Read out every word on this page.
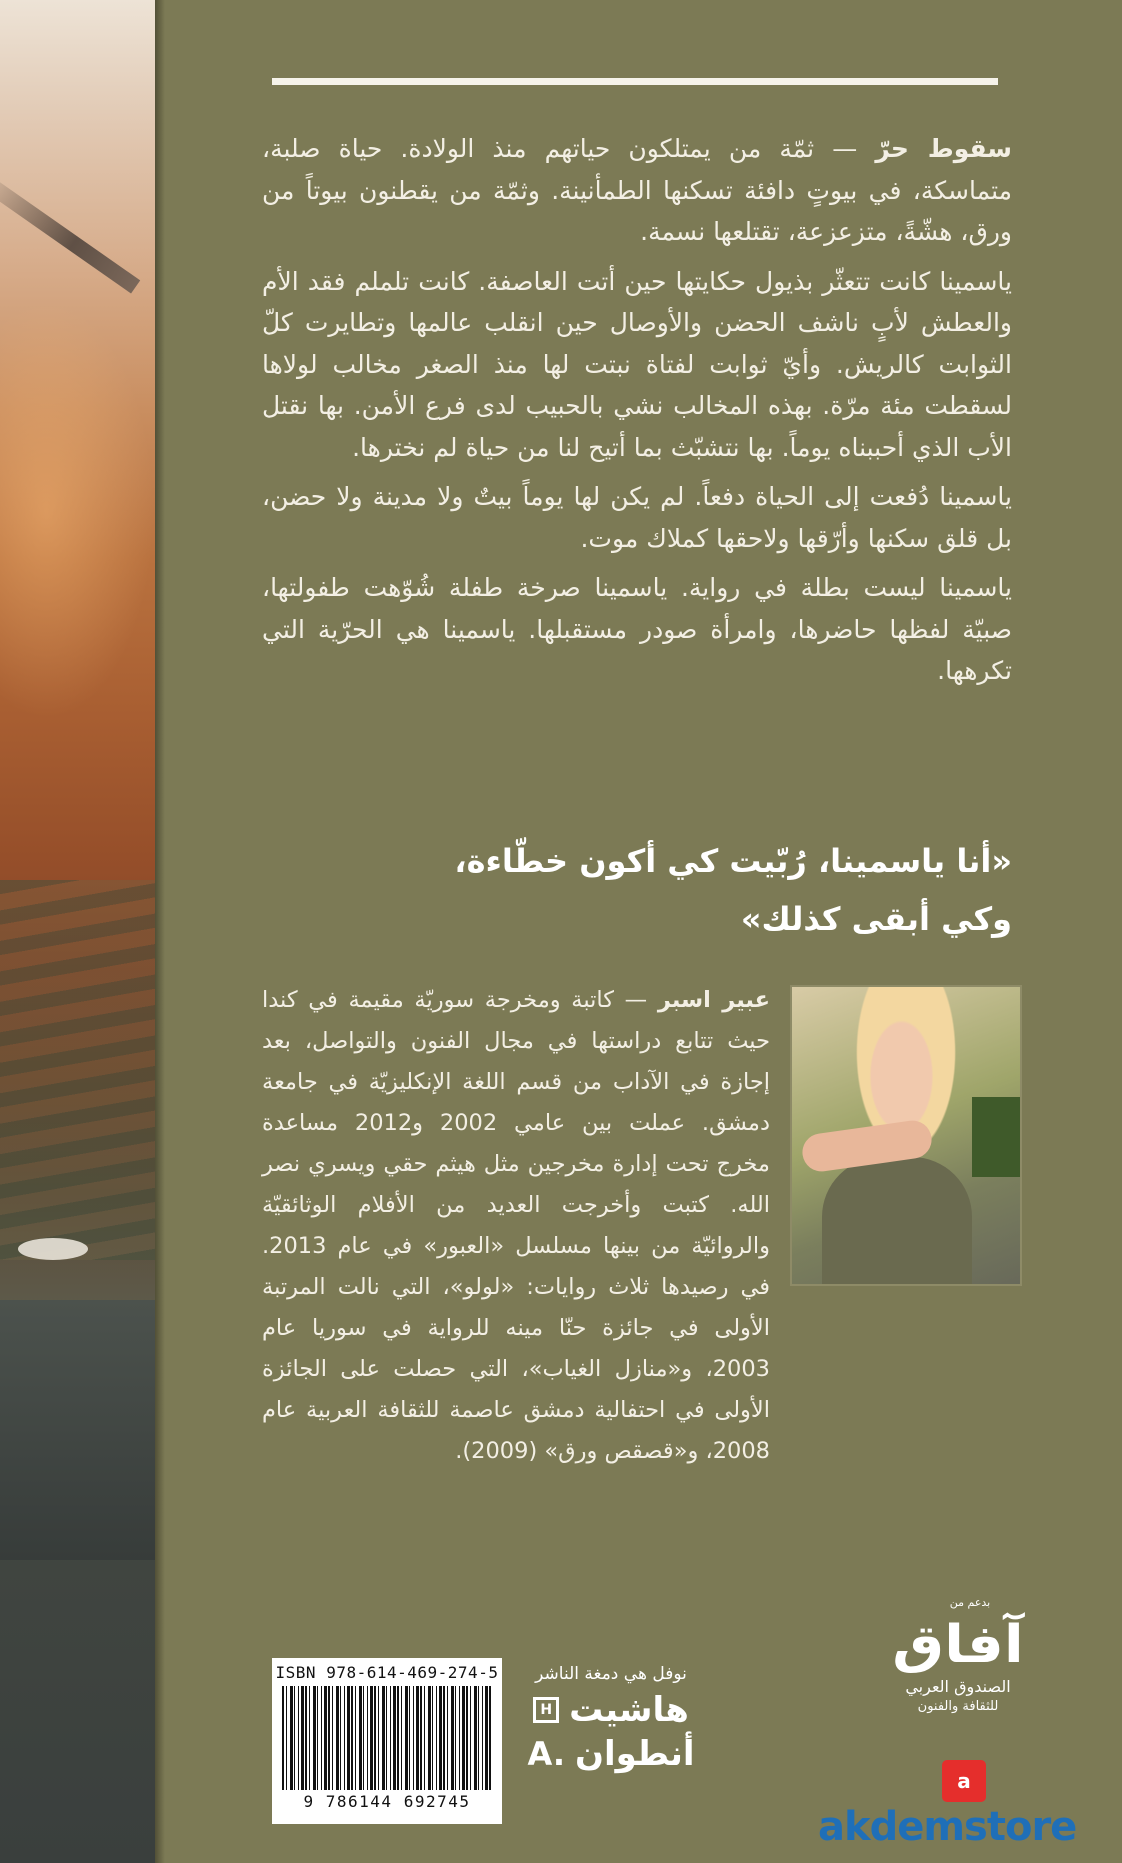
سقوط حرّ — ثمّة من يمتلكون حياتهم منذ الولادة. حياة صلبة، متماسكة، في بيوتٍ دافئة تسكنها الطمأنينة. وثمّة من يقطنون بيوتاً من ورق، هشّةً، متزعزعة، تقتلعها نسمة.

ياسمينا كانت تتعثّر بذيول حكايتها حين أتت العاصفة. كانت تلملم فقد الأم والعطش لأبٍ ناشف الحضن والأوصال حين انقلب عالمها وتطايرت كلّ الثوابت كالريش. وأيّ ثوابت لفتاة نبتت لها منذ الصغر مخالب لولاها لسقطت مئة مرّة. بهذه المخالب نشي بالحبيب لدى فرع الأمن. بها نقتل الأب الذي أحببناه يوماً. بها نتشبّث بما أتيح لنا من حياة لم نخترها.

ياسمينا دُفعت إلى الحياة دفعاً. لم يكن لها يوماً بيتٌ ولا مدينة ولا حضن، بل قلق سكنها وأرّقها ولاحقها كملاك موت.

ياسمينا ليست بطلة في رواية. ياسمينا صرخة طفلة شُوّهت طفولتها، صبيّة لفظها حاضرها، وامرأة صودر مستقبلها. ياسمينا هي الحرّية التي تكرهها.

«أنا ياسمينا، رُبّيت كي أكون خطّاءة،
وكي أبقى كذلك»

عبير اسبر — كاتبة ومخرجة سوريّة مقيمة في كندا حيث تتابع دراستها في مجال الفنون والتواصل، بعد إجازة في الآداب من قسم اللغة الإنكليزيّة في جامعة دمشق. عملت بين عامي 2002 و2012 مساعدة مخرج تحت إدارة مخرجين مثل هيثم حقي ويسري نصر الله. كتبت وأخرجت العديد من الأفلام الوثائقيّة والروائيّة من بينها مسلسل «العبور» في عام 2013. في رصيدها ثلاث روايات: «لولو»، التي نالت المرتبة الأولى في جائزة حنّا مينه للرواية في سوريا عام 2003، و«منازل الغياب»، التي حصلت على الجائزة الأولى في احتفالية دمشق عاصمة للثقافة العربية عام 2008، و«قصقص ورق» (2009).

بدعم من
آفاق
الصندوق العربي
للثقافة والفنون
ISBN 978-614-469-274-5
9 786144 692745
نوفل هي دمغة الناشر
H هاشيت
A. أنطوان
a
akdemstore
